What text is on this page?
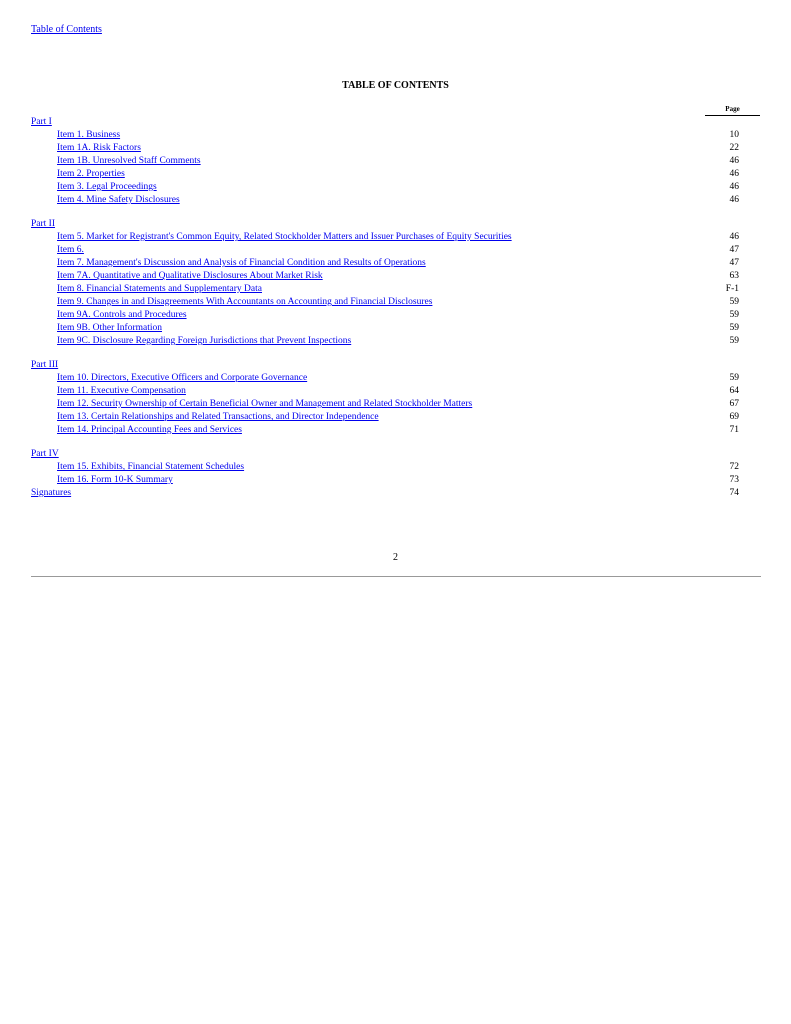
Table of Contents
TABLE OF CONTENTS
Page
Part I
Item 1. Business	10
Item 1A. Risk Factors	22
Item 1B. Unresolved Staff Comments	46
Item 2. Properties	46
Item 3. Legal Proceedings	46
Item 4. Mine Safety Disclosures	46
Part II
Item 5. Market for Registrant's Common Equity, Related Stockholder Matters and Issuer Purchases of Equity Securities	46
Item 6.	47
Item 7. Management's Discussion and Analysis of Financial Condition and Results of Operations	47
Item 7A. Quantitative and Qualitative Disclosures About Market Risk	63
Item 8. Financial Statements and Supplementary Data	F-1
Item 9. Changes in and Disagreements With Accountants on Accounting and Financial Disclosures	59
Item 9A. Controls and Procedures	59
Item 9B. Other Information	59
Item 9C. Disclosure Regarding Foreign Jurisdictions that Prevent Inspections	59
Part III
Item 10. Directors, Executive Officers and Corporate Governance	59
Item 11. Executive Compensation	64
Item 12. Security Ownership of Certain Beneficial Owner and Management and Related Stockholder Matters	67
Item 13. Certain Relationships and Related Transactions, and Director Independence	69
Item 14. Principal Accounting Fees and Services	71
Part IV
Item 15. Exhibits, Financial Statement Schedules	72
Item 16. Form 10-K Summary	73
Signatures	74
2
